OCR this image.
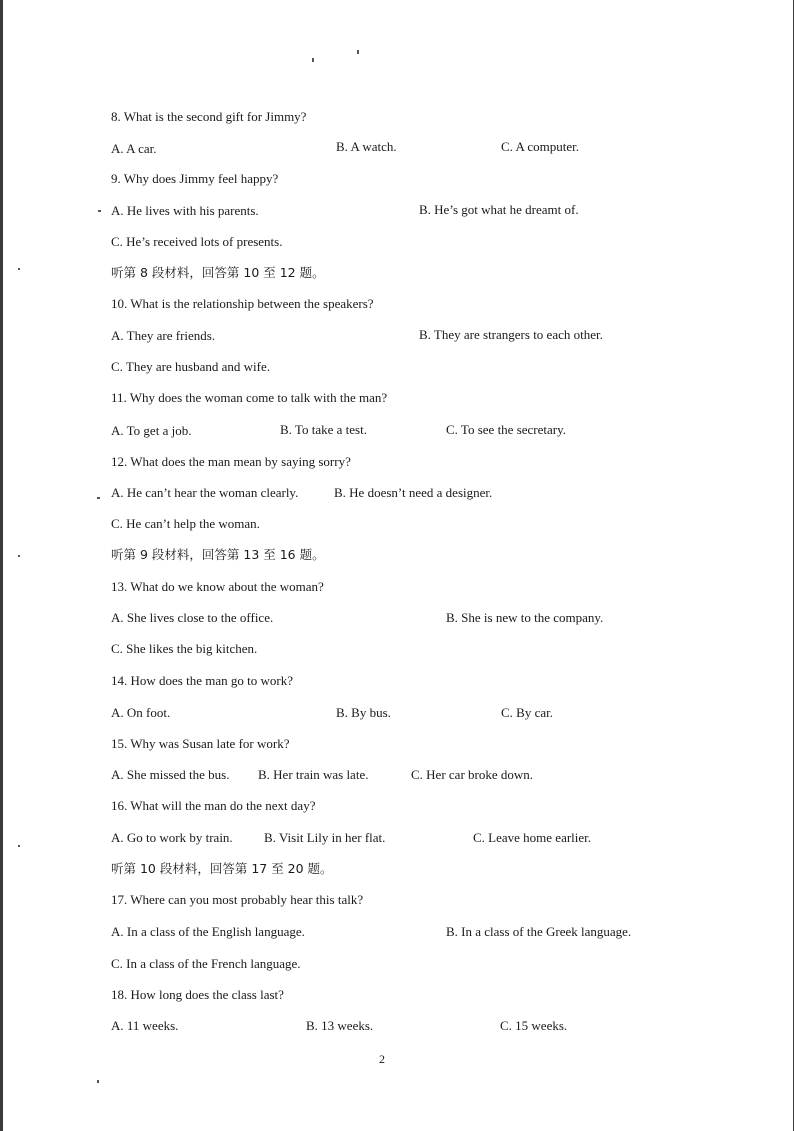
8. What is the second gift for Jimmy?
A. A car.	B. A watch.	C. A computer.
9. Why does Jimmy feel happy?
A. He lives with his parents.	B. He’s got what he dreamt of.
C. He’s received lots of presents.
听第 8 段材料，回答第 10 至 12 题。
10. What is the relationship between the speakers?
A. They are friends.	B. They are strangers to each other.
C. They are husband and wife.
11. Why does the woman come to talk with the man?
A. To get a job.	B. To take a test.	C. To see the secretary.
12. What does the man mean by saying sorry?
A. He can’t hear the woman clearly.	B. He doesn’t need a designer.
C. He can’t help the woman.
听第 9 段材料，回答第 13 至 16 题。
13. What do we know about the woman?
A. She lives close to the office.	B. She is new to the company.
C. She likes the big kitchen.
14. How does the man go to work?
A. On foot.	B. By bus.	C. By car.
15. Why was Susan late for work?
A. She missed the bus. B. Her train was late.	C. Her car broke down.
16. What will the man do the next day?
A. Go to work by train. B. Visit Lily in her flat.	C. Leave home earlier.
听第 10 段材料，回答第 17 至 20 题。
17. Where can you most probably hear this talk?
A. In a class of the English language.	B. In a class of the Greek language.
C. In a class of the French language.
18. How long does the class last?
A. 11 weeks.	B. 13 weeks.	C. 15 weeks.
2
